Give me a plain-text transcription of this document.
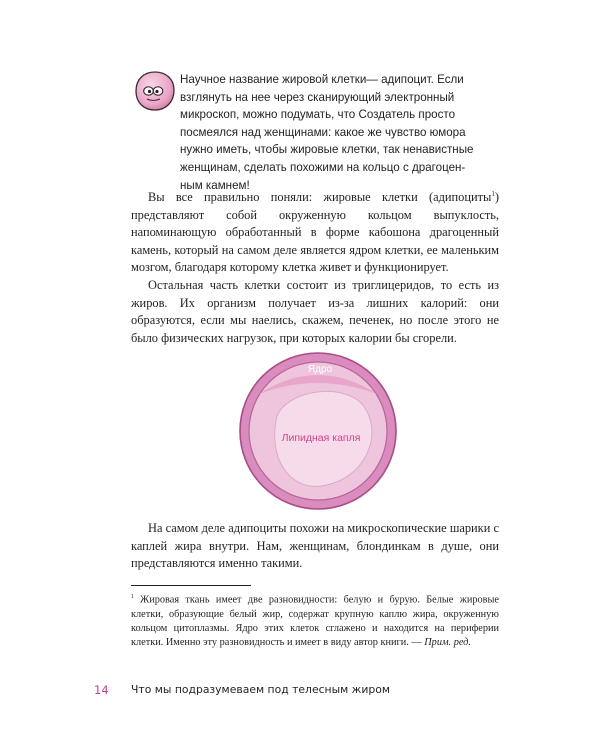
Научное название жировой клетки— адипоцит. Если

взглянуть на нее через сканирующий электронный

микроскоп, можно подумать, что Создатель просто

посмеялся над женщинами: какое же чувство юмора

нужно иметь, чтобы жировые клетки, так ненавистные

женщинам, сделать похожими на кольцо с драгоцен-

ным камнем!

Вы все правильно поняли: жировые клетки (адипоциты$^1$) представляют собой окруженную кольцом выпуклость, напоминающую обработанный в форме кабошона драгоценный камень, который на самом деле является ядром клетки, ее маленьким мозгом, благодаря которому клетка живет и функционирует.

Остальная часть клетки состоит из триглицеридов, то есть из жиров. Их организм получает из-за лишних калорий: они образуются, если мы наелись, скажем, печенек, но после этого не было физических нагрузок, при которых калории бы сгорели.

Ядро
Липидная капля

На самом деле адипоциты похожи на микроскопические шарики с каплей жира внутри. Нам, женщинам, блондинкам в душе, они представляются именно такими.

$^1$ Жировая ткань имеет две разновидности: белую и бурую. Белые жировые клетки, образующие белый жир, содержат крупную каплю жира, окруженную кольцом цитоплазмы. Ядро этих клеток сглажено и находится на периферии клетки. Именно эту разновидность и имеет в виду автор книги. — Прим. ред.
14 Что мы подразумеваем под телесным жиром
